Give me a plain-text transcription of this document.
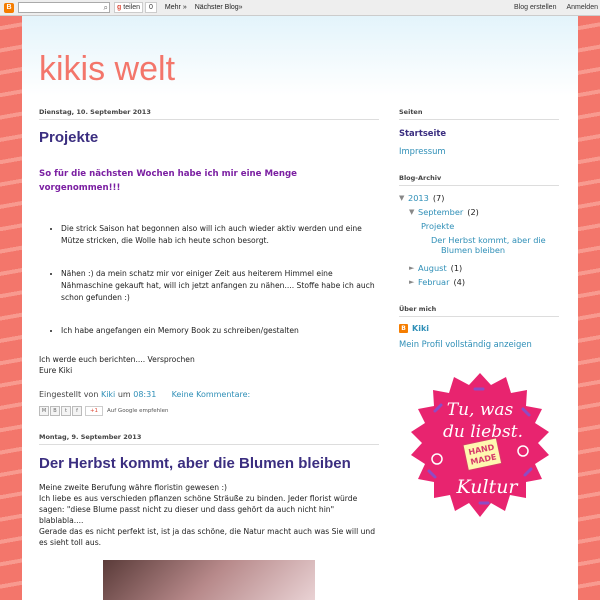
B	⌕ g teilen	0	Mehr » Nächster Blog»	Blog erstellen Anmelden
kikis welt
Dienstag, 10. September 2013
Projekte
So für die nächsten Wochen habe ich mir eine Menge vorgenommen!!!
• Die strick Saison hat begonnen also will ich auch wieder aktiv werden und eine Mütze stricken, die Wolle hab ich heute schon besorgt.
• Nähen :) da mein schatz mir vor einiger Zeit aus heiterem Himmel eine Nähmaschine gekauft hat, will ich jetzt anfangen zu nähen.... Stoffe habe ich auch schon gefunden :)
• Ich habe angefangen ein Memory Book zu schreiben/gestalten
Ich werde euch berichten.... Versprochen
Eure Kiki
Eingestellt von Kiki um 08:31 Keine Kommentare:
M	B	t	f	+1	Auf Google empfehlen
Montag, 9. September 2013
Der Herbst kommt, aber die Blumen bleiben
Meine zweite Berufung währe floristin gewesen :)
Ich liebe es aus verschieden pflanzen schöne Sträuße zu binden. Jeder florist würde sagen: "diese Blume passt nicht zu dieser und dass gehört da auch nicht hin" blablabla....
Gerade das es nicht perfekt ist, ist ja das schöne, die Natur macht auch was Sie will und es sieht toll aus.
Seiten
Startseite
Impressum
Blog-Archiv
▼ 2013 (7)
▼ September (2)
Projekte
Der Herbst kommt, aber die Blumen bleiben
► August (1)
► Februar (4)
Über mich
B Kiki
Mein Profil vollständig anzeigen
Tu, was
du liebst.
HAND
MADE
Kultur
